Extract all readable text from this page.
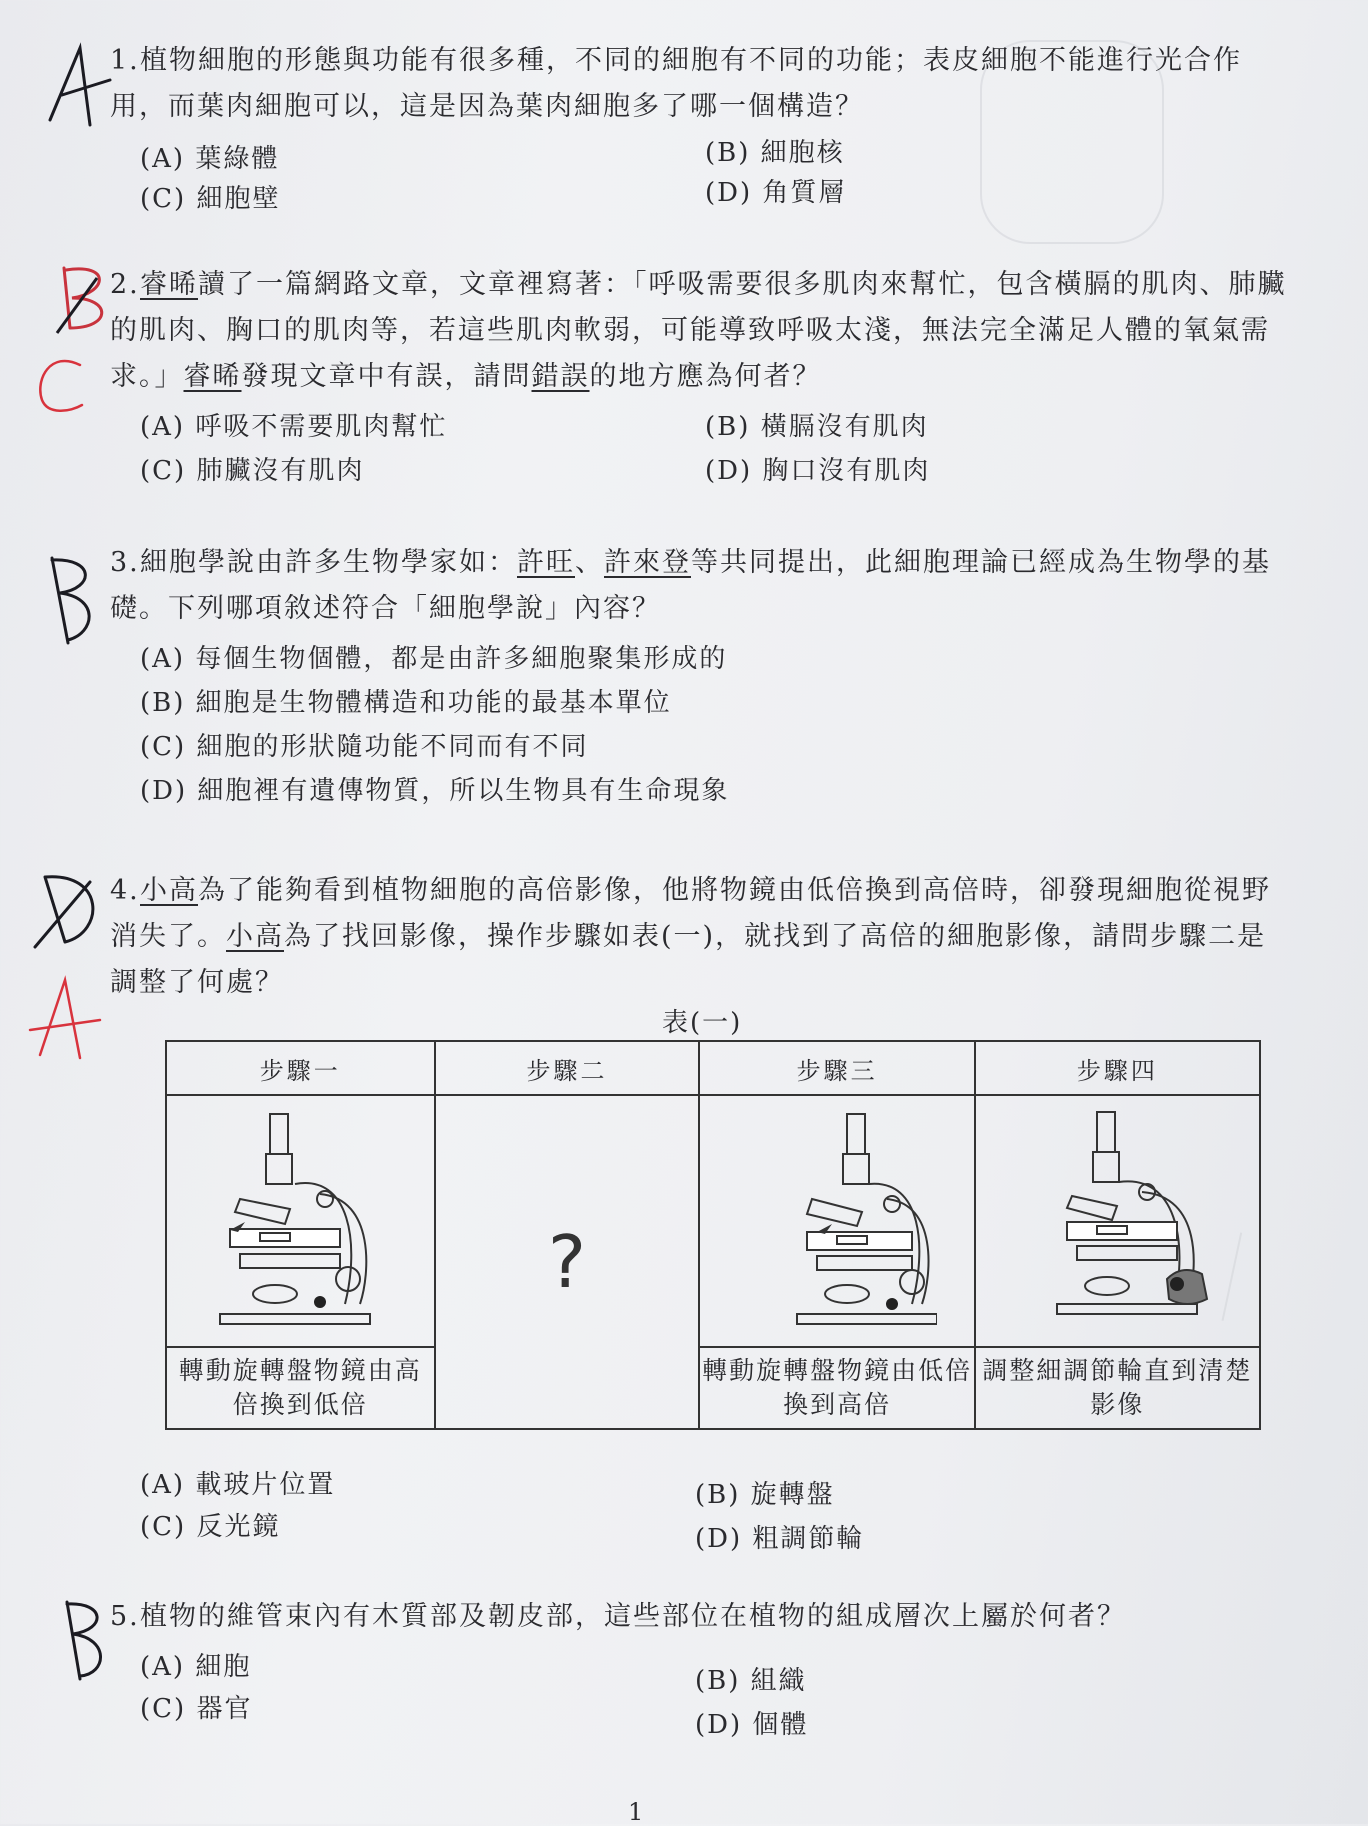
1.植物細胞的形態與功能有很多種，不同的細胞有不同的功能；表皮細胞不能進行光合作用，而葉肉細胞可以，這是因為葉肉細胞多了哪一個構造？
(A) 葉綠體	(B) 細胞核
(C) 細胞壁	(D) 角質層
2.睿晞讀了一篇網路文章，文章裡寫著：「呼吸需要很多肌肉來幫忙，包含橫膈的肌肉、肺臟的肌肉、胸口的肌肉等，若這些肌肉軟弱，可能導致呼吸太淺，無法完全滿足人體的氧氣需求。」睿晞發現文章中有誤，請問錯誤的地方應為何者？
(A) 呼吸不需要肌肉幫忙	(B) 橫膈沒有肌肉
(C) 肺臟沒有肌肉	(D) 胸口沒有肌肉
3.細胞學說由許多生物學家如：許旺、許來登等共同提出，此細胞理論已經成為生物學的基礎。下列哪項敘述符合「細胞學說」內容？
(A) 每個生物個體，都是由許多細胞聚集形成的
(B) 細胞是生物體構造和功能的最基本單位
(C) 細胞的形狀隨功能不同而有不同
(D) 細胞裡有遺傳物質，所以生物具有生命現象
4.小高為了能夠看到植物細胞的高倍影像，他將物鏡由低倍換到高倍時，卻發現細胞從視野消失了。小高為了找回影像，操作步驟如表(一)，就找到了高倍的細胞影像，請問步驟二是調整了何處？
表(一)
步驟一	步驟二	步驟三	步驟四
	?		
轉動旋轉盤物鏡由高倍換到低倍		轉動旋轉盤物鏡由低倍換到高倍	調整細調節輪直到清楚影像
(A) 載玻片位置	(B) 旋轉盤
(C) 反光鏡	(D) 粗調節輪
5.植物的維管束內有木質部及韌皮部，這些部位在植物的組成層次上屬於何者？
(A) 細胞	(B) 組織
(C) 器官
(D) 個體
1
